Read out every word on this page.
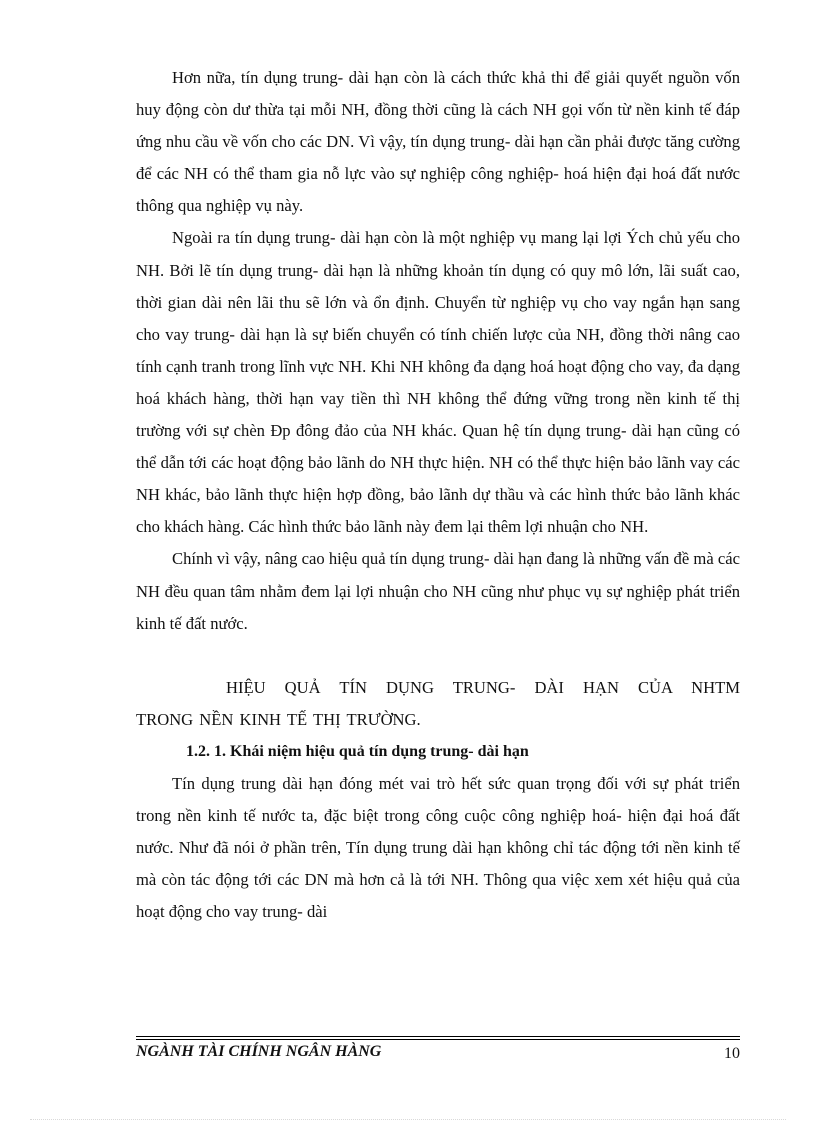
Hơn nữa, tín dụng trung- dài hạn còn là cách thức khả thi để giải quyết nguồn vốn huy động còn dư thừa tại mỗi NH, đồng thời cũng là cách NH gọi vốn từ nền kinh tế đáp ứng nhu cầu về vốn cho các DN. Vì vậy, tín dụng trung- dài hạn cần phải được tăng cường để các NH có thể tham gia nỗ lực vào sự nghiệp công nghiệp- hoá hiện đại hoá đất nước thông qua nghiệp vụ này.

Ngoài ra tín dụng trung- dài hạn còn là một nghiệp vụ mang lại lợi Ých chủ yếu cho NH. Bởi lẽ tín dụng trung- dài hạn là những khoản tín dụng có quy mô lớn, lãi suất cao, thời gian dài nên lãi thu sẽ lớn và ổn định. Chuyển từ nghiệp vụ cho vay ngắn hạn sang cho vay trung- dài hạn là sự biến chuyển có tính chiến lược của NH, đồng thời nâng cao tính cạnh tranh trong lĩnh vực NH. Khi NH không đa dạng hoá hoạt động cho vay, đa dạng hoá khách hàng, thời hạn vay tiền thì NH không thể đứng vững trong nền kinh tế thị trường với sự chèn Ðp đông đảo của NH khác. Quan hệ tín dụng trung- dài hạn cũng có thể dẫn tới các hoạt động bảo lãnh do NH thực hiện. NH có thể thực hiện bảo lãnh vay các NH khác, bảo lãnh thực hiện hợp đồng, bảo lãnh dự thầu và các hình thức bảo lãnh khác cho khách hàng. Các hình thức bảo lãnh này đem lại thêm lợi nhuận cho NH.

Chính vì vậy, nâng cao hiệu quả tín dụng trung- dài hạn đang là những vấn đề mà các NH đều quan tâm nhằm đem lại lợi nhuận cho NH cũng như phục vụ sự nghiệp phát triển kinh tế đất nước.

HIỆU QUẢ TÍN DỤNG TRUNG- DÀI HẠN CỦA NHTM
TRONG NỀN KINH TẾ THỊ TRƯỜNG.

1.2. 1. Khái niệm hiệu quả tín dụng trung- dài hạn

Tín dụng trung dài hạn đóng mét vai trò hết sức quan trọng đối với sự phát triển trong nền kinh tế nước ta, đặc biệt trong công cuộc công nghiệp hoá- hiện đại hoá đất nước. Như đã nói ở phần trên, Tín dụng trung dài hạn không chỉ tác động tới nền kinh tế mà còn tác động tới các DN mà hơn cả là tới NH. Thông qua việc xem xét hiệu quả của hoạt động cho vay trung- dài

NGÀNH TÀI CHÍNH NGÂN HÀNG	10
